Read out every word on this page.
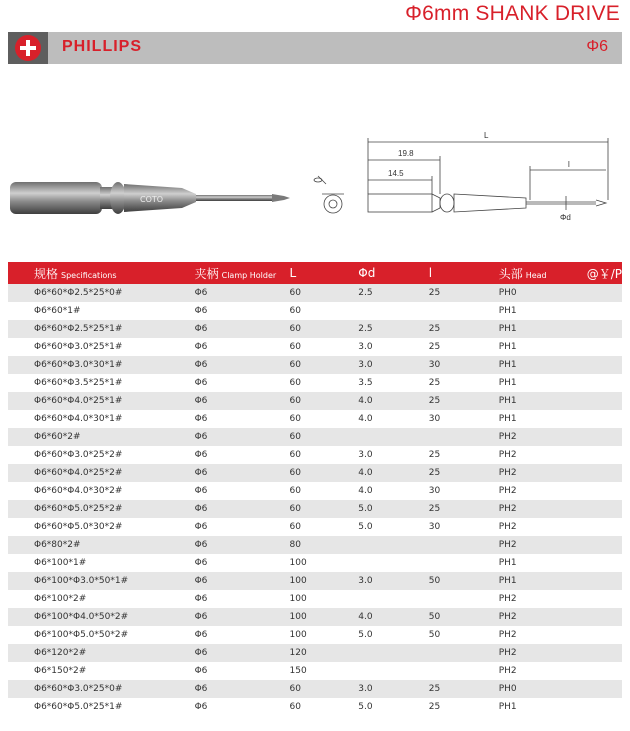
Φ6mm SHANK DRIVE
PHILLIPS	Φ6
COTO
L
19.8
14.5
l
Φd
规格 Specifications	夹柄 Clamp Holder	L	Φd	l	头部 Head	@￥/P
Φ6*60*Φ2.5*25*0#	Φ6	60	2.5	25	PH0	
Φ6*60*1#	Φ6	60			PH1	
Φ6*60*Φ2.5*25*1#	Φ6	60	2.5	25	PH1	
Φ6*60*Φ3.0*25*1#	Φ6	60	3.0	25	PH1	
Φ6*60*Φ3.0*30*1#	Φ6	60	3.0	30	PH1	
Φ6*60*Φ3.5*25*1#	Φ6	60	3.5	25	PH1	
Φ6*60*Φ4.0*25*1#	Φ6	60	4.0	25	PH1	
Φ6*60*Φ4.0*30*1#	Φ6	60	4.0	30	PH1	
Φ6*60*2#	Φ6	60			PH2	
Φ6*60*Φ3.0*25*2#	Φ6	60	3.0	25	PH2	
Φ6*60*Φ4.0*25*2#	Φ6	60	4.0	25	PH2	
Φ6*60*Φ4.0*30*2#	Φ6	60	4.0	30	PH2	
Φ6*60*Φ5.0*25*2#	Φ6	60	5.0	25	PH2	
Φ6*60*Φ5.0*30*2#	Φ6	60	5.0	30	PH2	
Φ6*80*2#	Φ6	80			PH2	
Φ6*100*1#	Φ6	100			PH1	
Φ6*100*Φ3.0*50*1#	Φ6	100	3.0	50	PH1	
Φ6*100*2#	Φ6	100			PH2	
Φ6*100*Φ4.0*50*2#	Φ6	100	4.0	50	PH2	
Φ6*100*Φ5.0*50*2#	Φ6	100	5.0	50	PH2	
Φ6*120*2#	Φ6	120			PH2	
Φ6*150*2#	Φ6	150			PH2	
Φ6*60*Φ3.0*25*0#	Φ6	60	3.0	25	PH0	
Φ6*60*Φ5.0*25*1#	Φ6	60	5.0	25	PH1	
